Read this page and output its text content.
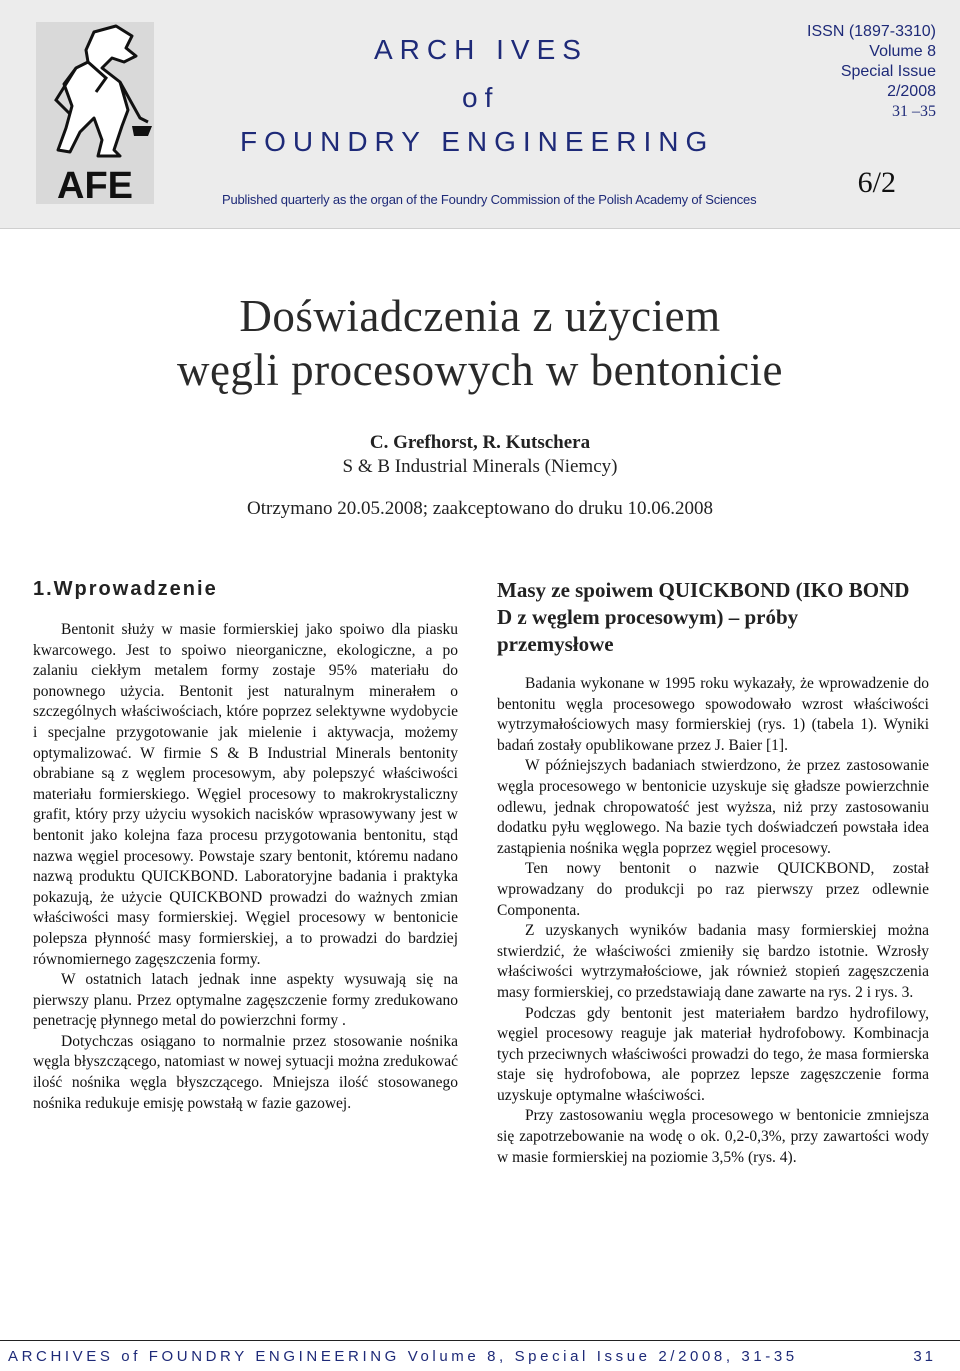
AFE
ARCH IVES
of
FOUNDRY ENGINEERING
ISSN (1897-3310)
Volume 8
Special Issue
2/2008
31 –35
6/2
Published quarterly as the organ of the Foundry Commission of the Polish Academy of Sciences
Doświadczenia z użyciem
węgli procesowych w bentonicie
C. Grefhorst, R. Kutschera
S & B Industrial Minerals (Niemcy)
Otrzymano 20.05.2008; zaakceptowano do druku 10.06.2008
1.Wprowadzenie

Bentonit służy w masie formierskiej jako spoiwo dla piasku kwarcowego. Jest to spoiwo nieorganiczne, ekologiczne, a po zalaniu ciekłym metalem formy zostaje 95% materiału do ponownego użycia. Bentonit jest naturalnym minerałem o szczególnych właściwościach, które poprzez selektywne wydobycie i specjalne przygotowanie jak mielenie i aktywacja, możemy optymalizować. W firmie S & B Industrial Minerals bentonity obrabiane są z węglem procesowym, aby polepszyć właściwości materiału formierskiego. Węgiel procesowy to makrokrystaliczny grafit, który przy użyciu wysokich nacisków wprasowywany jest w bentonit jako kolejna faza procesu przygotowania bentonitu, stąd nazwa węgiel procesowy. Powstaje szary bentonit, któremu nadano nazwą produktu QUICKBOND. Laboratoryjne badania i praktyka pokazują, że użycie QUICKBOND prowadzi do ważnych zmian właściwości masy formierskiej. Węgiel procesowy w bentonicie polepsza płynność masy formierskiej, a to prowadzi do bardziej równomiernego zagęszczenia formy.

W ostatnich latach jednak inne aspekty wysuwają się na pierwszy planu. Przez optymalne zagęszczenie formy zredukowano penetrację płynnego metal do powierzchni formy .

Dotychczas osiągano to normalnie przez stosowanie nośnika węgla błyszczącego, natomiast w nowej sytuacji można zredukować ilość nośnika węgla błyszczącego. Mniejsza ilość stosowanego nośnika redukuje emisję powstałą w fazie gazowej.

Masy ze spoiwem QUICKBOND (IKO BOND D z węglem procesowym) – próby przemysłowe

Badania wykonane w 1995 roku wykazały, że wprowadzenie do bentonitu węgla procesowego spowodowało wzrost właściwości wytrzymałościowych masy formierskiej (rys. 1) (tabela 1). Wyniki badań zostały opublikowane przez J. Baier [1].

W późniejszych badaniach stwierdzono, że przez zastosowanie węgla procesowego w bentonicie uzyskuje się gładsze powierzchnie odlewu, jednak chropowatość jest wyższa, niż przy zastosowaniu dodatku pyłu węglowego. Na bazie tych doświadczeń powstała idea zastąpienia nośnika węgla poprzez węgiel procesowy.

Ten nowy bentonit o nazwie QUICKBOND, został wprowadzany do produkcji po raz pierwszy przez odlewnie Componenta.

Z uzyskanych wyników badania masy formierskiej można stwierdzić, że właściwości zmieniły się bardzo istotnie. Wzrosły właściwości wytrzymałościowe, jak również stopień zagęszczenia masy formierskiej, co przedstawiają dane zawarte na rys. 2 i rys. 3.

Podczas gdy bentonit jest materiałem bardzo hydrofilowy, węgiel procesowy reaguje jak materiał hydrofobowy. Kombinacja tych przeciwnych właściwości prowadzi do tego, że masa formierska staje się hydrofobowa, ale poprzez lepsze zagęszczenie forma uzyskuje optymalne właściwości.

Przy zastosowaniu węgla procesowego w bentonicie zmniejsza się zapotrzebowanie na wodę o ok. 0,2-0,3%, przy zawartości wody w masie formierskiej na poziomie 3,5% (rys. 4).

ARCHIVES of FOUNDRY ENGINEERING Volume 8, Special Issue 2/2008, 31-35	31
